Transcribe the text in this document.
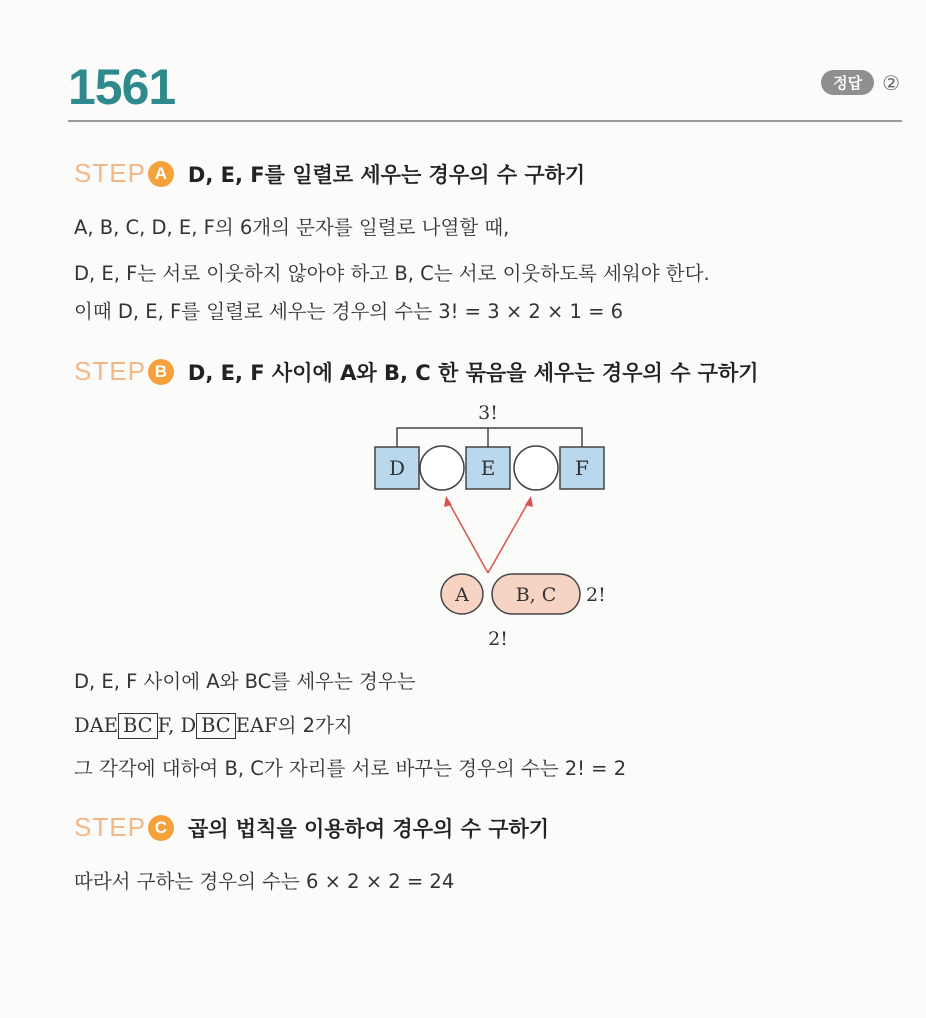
1561	정답	②
STEP A D, E, F를 일렬로 세우는 경우의 수 구하기
A, B, C, D, E, F의 6개의 문자를 일렬로 나열할 때,
D, E, F는 서로 이웃하지 않아야 하고 B, C는 서로 이웃하도록 세워야 한다.
이때 D, E, F를 일렬로 세우는 경우의 수는 3! = 3 × 2 × 1 = 6
STEP B D, E, F 사이에 A와 B, C 한 묶음을 세우는 경우의 수 구하기
3!
D	E	F
A B, C 2!
2!
D, E, F 사이에 A와 BC를 세우는 경우는
DAE BC F, D BC EAF의 2가지
그 각각에 대하여 B, C가 자리를 서로 바꾸는 경우의 수는 2! = 2
STEP C 곱의 법칙을 이용하여 경우의 수 구하기
따라서 구하는 경우의 수는 6 × 2 × 2 = 24
